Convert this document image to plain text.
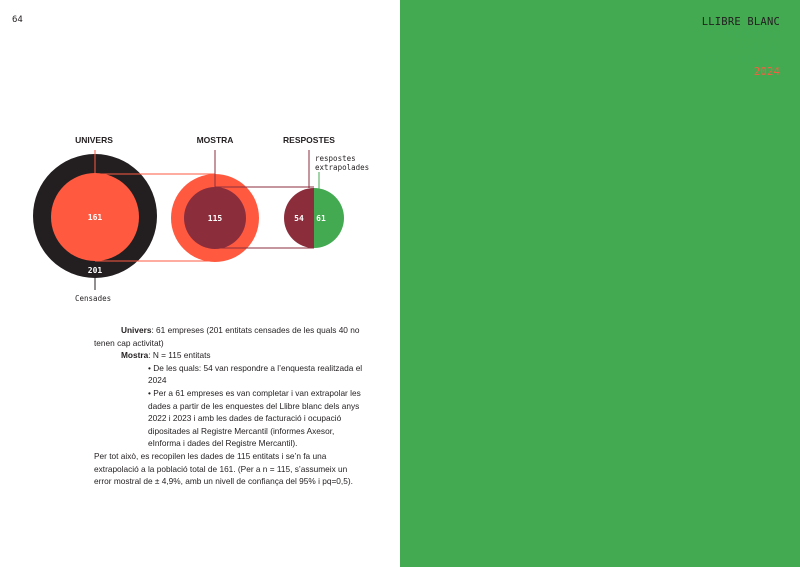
64	LLIBRE BLANC
LA INDÚSTRIA
CATALANA
DEL VIDEOJOC
2024
UNIVERS	MOSTRA	RESPOSTES
161
201
115	54 61
respostes
extrapolades
Censades

Univers: 61 empreses (201 entitats censades de les quals 40 no tenen cap activitat)

Mostra: N = 115 entitats

• De les quals: 54 van respondre a l’enquesta realitzada el 2024

• Per a 61 empreses es van completar i van extrapolar les dades a partir de les enquestes del Llibre blanc dels anys 2022 i 2023 i amb les dades de facturació i ocupació dipositades al Registre Mercantil (informes Axesor, eInforma i dades del Registre Mercantil).

Per tot això, es recopilen les dades de 115 entitats i se’n fa una extrapolació a la població total de 161. (Per a n = 115, s’assumeix un error mostral de ± 4,9%, amb un nivell de confiança del 95% i pq=0,5).
